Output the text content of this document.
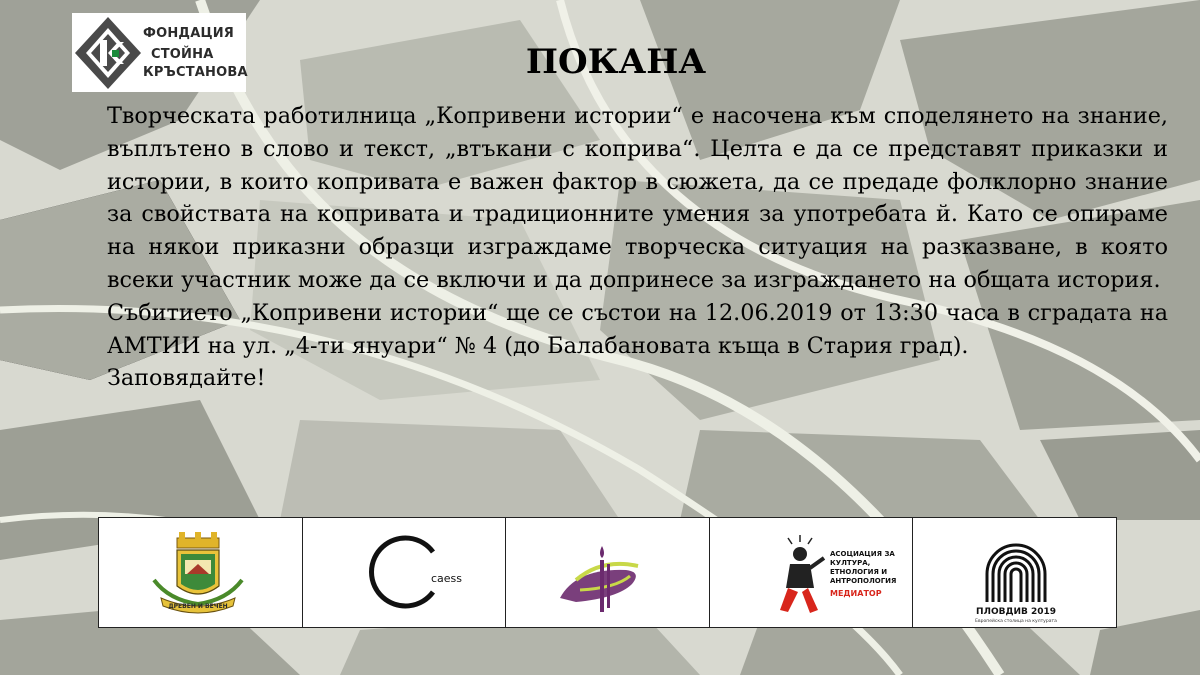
ФОНДАЦИЯ
СТОЙНА
КРЪСТАНОВА	ПОКАНА

Творческата работилница „Копривени истории“ е насочена към споделянето на знание, въплътено в слово и текст, „втъкани с коприва“. Целта е да се представят приказки и истории, в които копривата е важен фактор в сюжета, да се предаде фолклорно знание за свойствата на копривата и традиционните умения за употребата й. Като се опираме на някои приказни образци изграждаме творческа ситуация на разказване, в която всеки участник може да се включи и да допринесе за изграждането на общата история.

Събитието „Копривени истории“ ще се състои на 12.06.2019 от 13:30 часа в сградата на АМТИИ на ул. „4-ти януари“ № 4 (до Балабановата къща в Стария град).

Заповядайте!

ДРЕВЕН И ВЕЧЕН
caess
АСОЦИАЦИЯ ЗА
КУЛТУРА,
ЕТНОЛОГИЯ И
АНТРОПОЛОГИЯ
МЕДИАТОР
ПЛОВДИВ 2019
Европейска столица на културата
